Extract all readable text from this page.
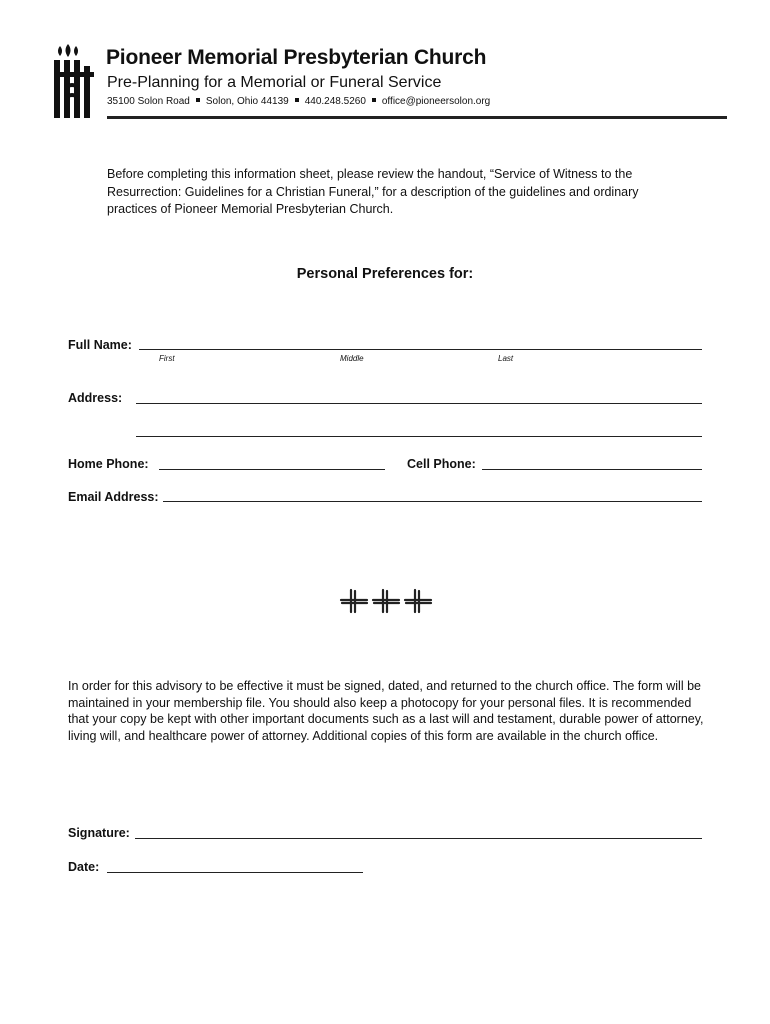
Pioneer Memorial Presbyterian Church
Pre-Planning for a Memorial or Funeral Service
35100 Solon Road Solon, Ohio 44139 440.248.5260 office@pioneersolon.org
Before completing this information sheet, please review the handout, “Service of Witness to the Resurrection: Guidelines for a Christian Funeral,” for a description of the guidelines and ordinary practices of Pioneer Memorial Presbyterian Church.
Personal Preferences for:
Full Name:
First	Middle	Last
Address:
Home Phone:	Cell Phone:
Email Address:
In order for this advisory to be effective it must be signed, dated, and returned to the church office. The form will be maintained in your membership file. You should also keep a photocopy for your personal files. It is recommended that your copy be kept with other important documents such as a last will and testament, durable power of attorney, living will, and healthcare power of attorney. Additional copies of this form are available in the church office.
Signature:
Date:
